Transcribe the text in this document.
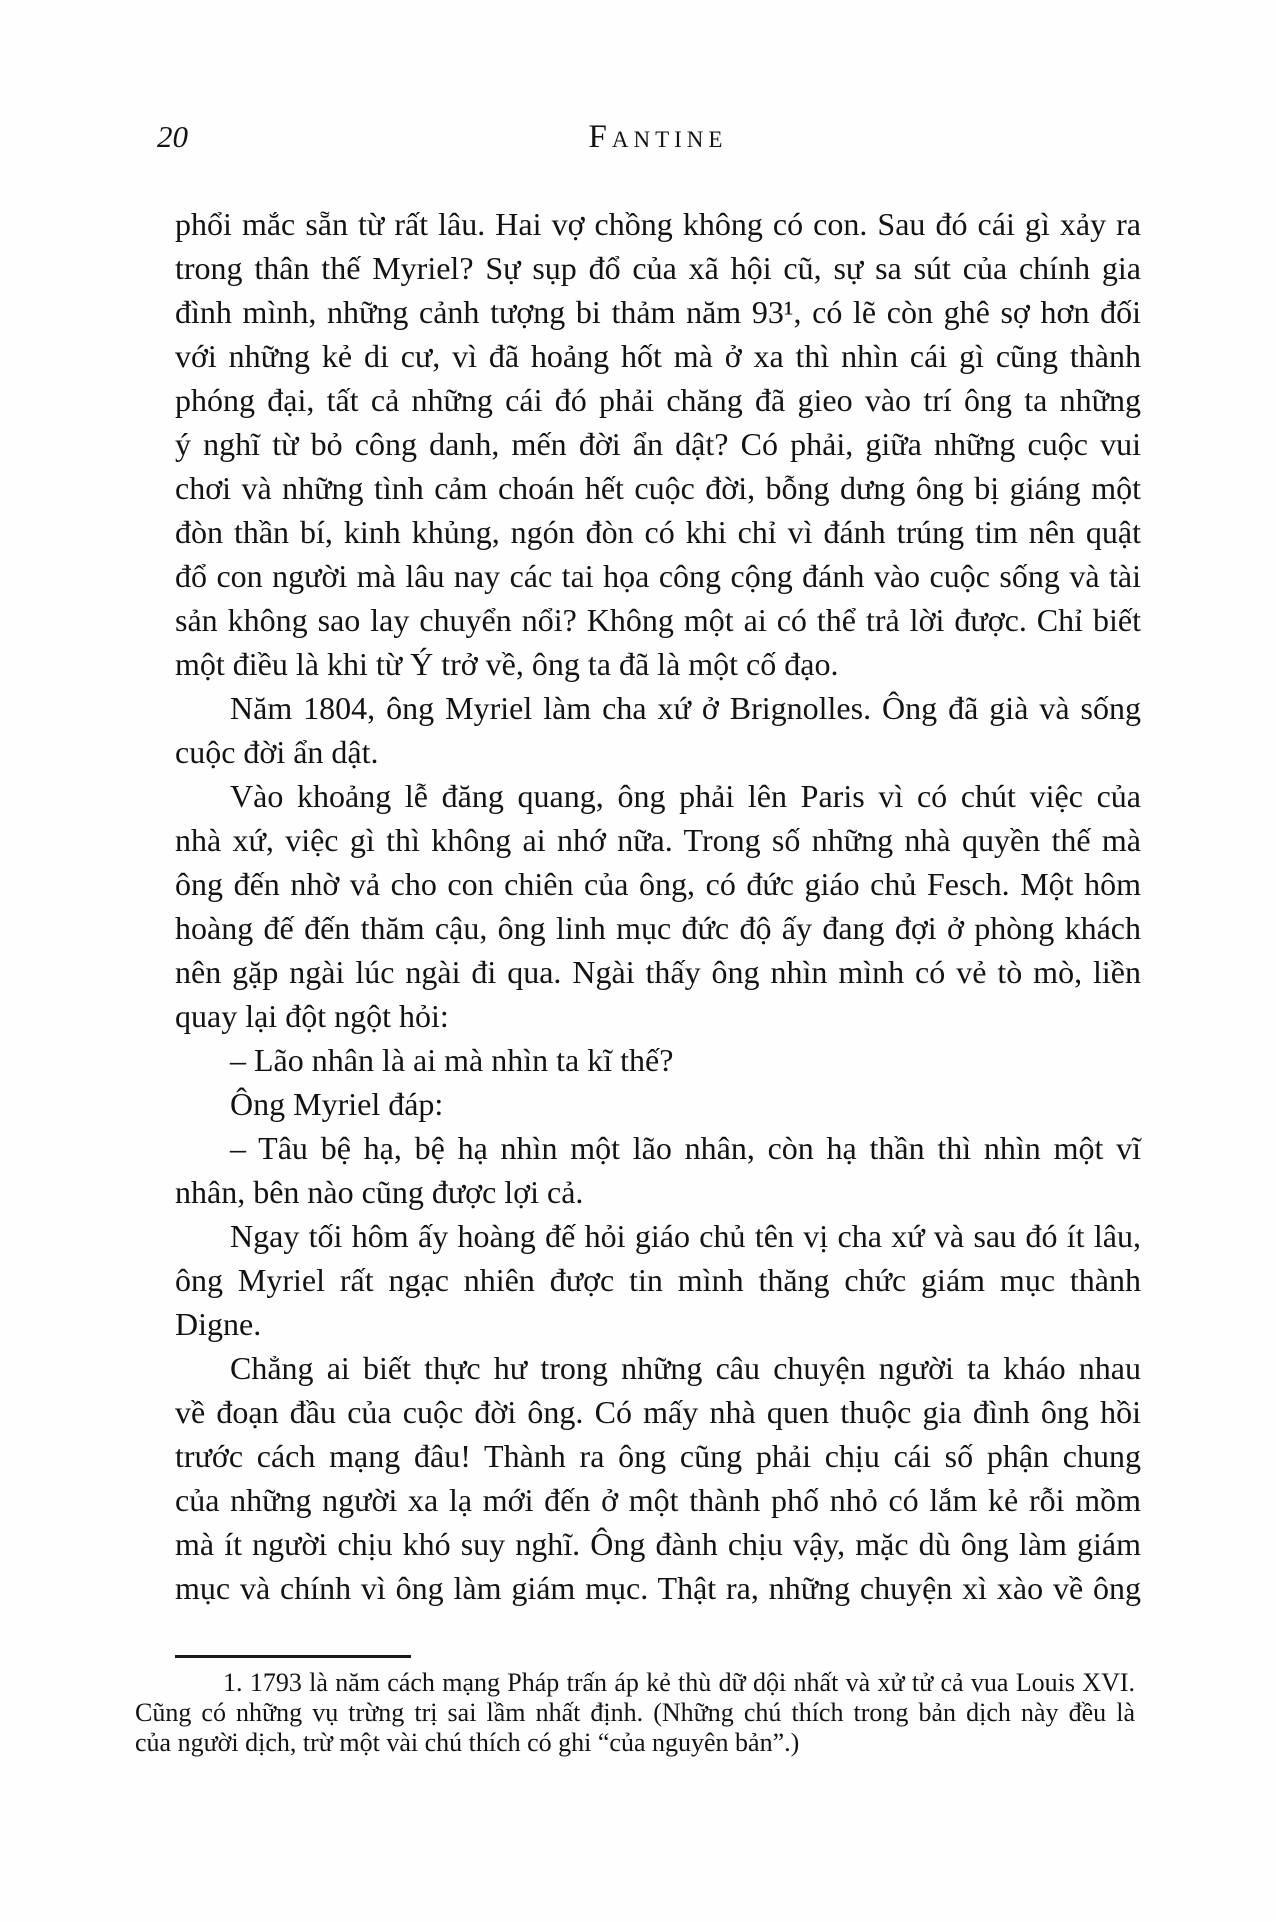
20	Fantine
phổi mắc sẵn từ rất lâu. Hai vợ chồng không có con. Sau đó cái gì xảy ra
trong thân thế Myriel? Sự sụp đổ của xã hội cũ, sự sa sút của chính gia
đình mình, những cảnh tượng bi thảm năm 93¹, có lẽ còn ghê sợ hơn đối
với những kẻ di cư, vì đã hoảng hốt mà ở xa thì nhìn cái gì cũng thành
phóng đại, tất cả những cái đó phải chăng đã gieo vào trí ông ta những
ý nghĩ từ bỏ công danh, mến đời ẩn dật? Có phải, giữa những cuộc vui
chơi và những tình cảm choán hết cuộc đời, bỗng dưng ông bị giáng một
đòn thần bí, kinh khủng, ngón đòn có khi chỉ vì đánh trúng tim nên quật
đổ con người mà lâu nay các tai họa công cộng đánh vào cuộc sống và tài
sản không sao lay chuyển nổi? Không một ai có thể trả lời được. Chỉ biết
một điều là khi từ Ý trở về, ông ta đã là một cố đạo.
Năm 1804, ông Myriel làm cha xứ ở Brignolles. Ông đã già và sống
cuộc đời ẩn dật.
Vào khoảng lễ đăng quang, ông phải lên Paris vì có chút việc của
nhà xứ, việc gì thì không ai nhớ nữa. Trong số những nhà quyền thế mà
ông đến nhờ vả cho con chiên của ông, có đức giáo chủ Fesch. Một hôm
hoàng đế đến thăm cậu, ông linh mục đức độ ấy đang đợi ở phòng khách
nên gặp ngài lúc ngài đi qua. Ngài thấy ông nhìn mình có vẻ tò mò, liền
quay lại đột ngột hỏi:
– Lão nhân là ai mà nhìn ta kĩ thế?
Ông Myriel đáp:
– Tâu bệ hạ, bệ hạ nhìn một lão nhân, còn hạ thần thì nhìn một vĩ
nhân, bên nào cũng được lợi cả.
Ngay tối hôm ấy hoàng đế hỏi giáo chủ tên vị cha xứ và sau đó ít lâu,
ông Myriel rất ngạc nhiên được tin mình thăng chức giám mục thành
Digne.
Chẳng ai biết thực hư trong những câu chuyện người ta kháo nhau
về đoạn đầu của cuộc đời ông. Có mấy nhà quen thuộc gia đình ông hồi
trước cách mạng đâu! Thành ra ông cũng phải chịu cái số phận chung
của những người xa lạ mới đến ở một thành phố nhỏ có lắm kẻ rỗi mồm
mà ít người chịu khó suy nghĩ. Ông đành chịu vậy, mặc dù ông làm giám
mục và chính vì ông làm giám mục. Thật ra, những chuyện xì xào về ông
1. 1793 là năm cách mạng Pháp trấn áp kẻ thù dữ dội nhất và xử tử cả vua Louis XVI.
Cũng có những vụ trừng trị sai lầm nhất định. (Những chú thích trong bản dịch này đều là
của người dịch, trừ một vài chú thích có ghi “của nguyên bản”.)
